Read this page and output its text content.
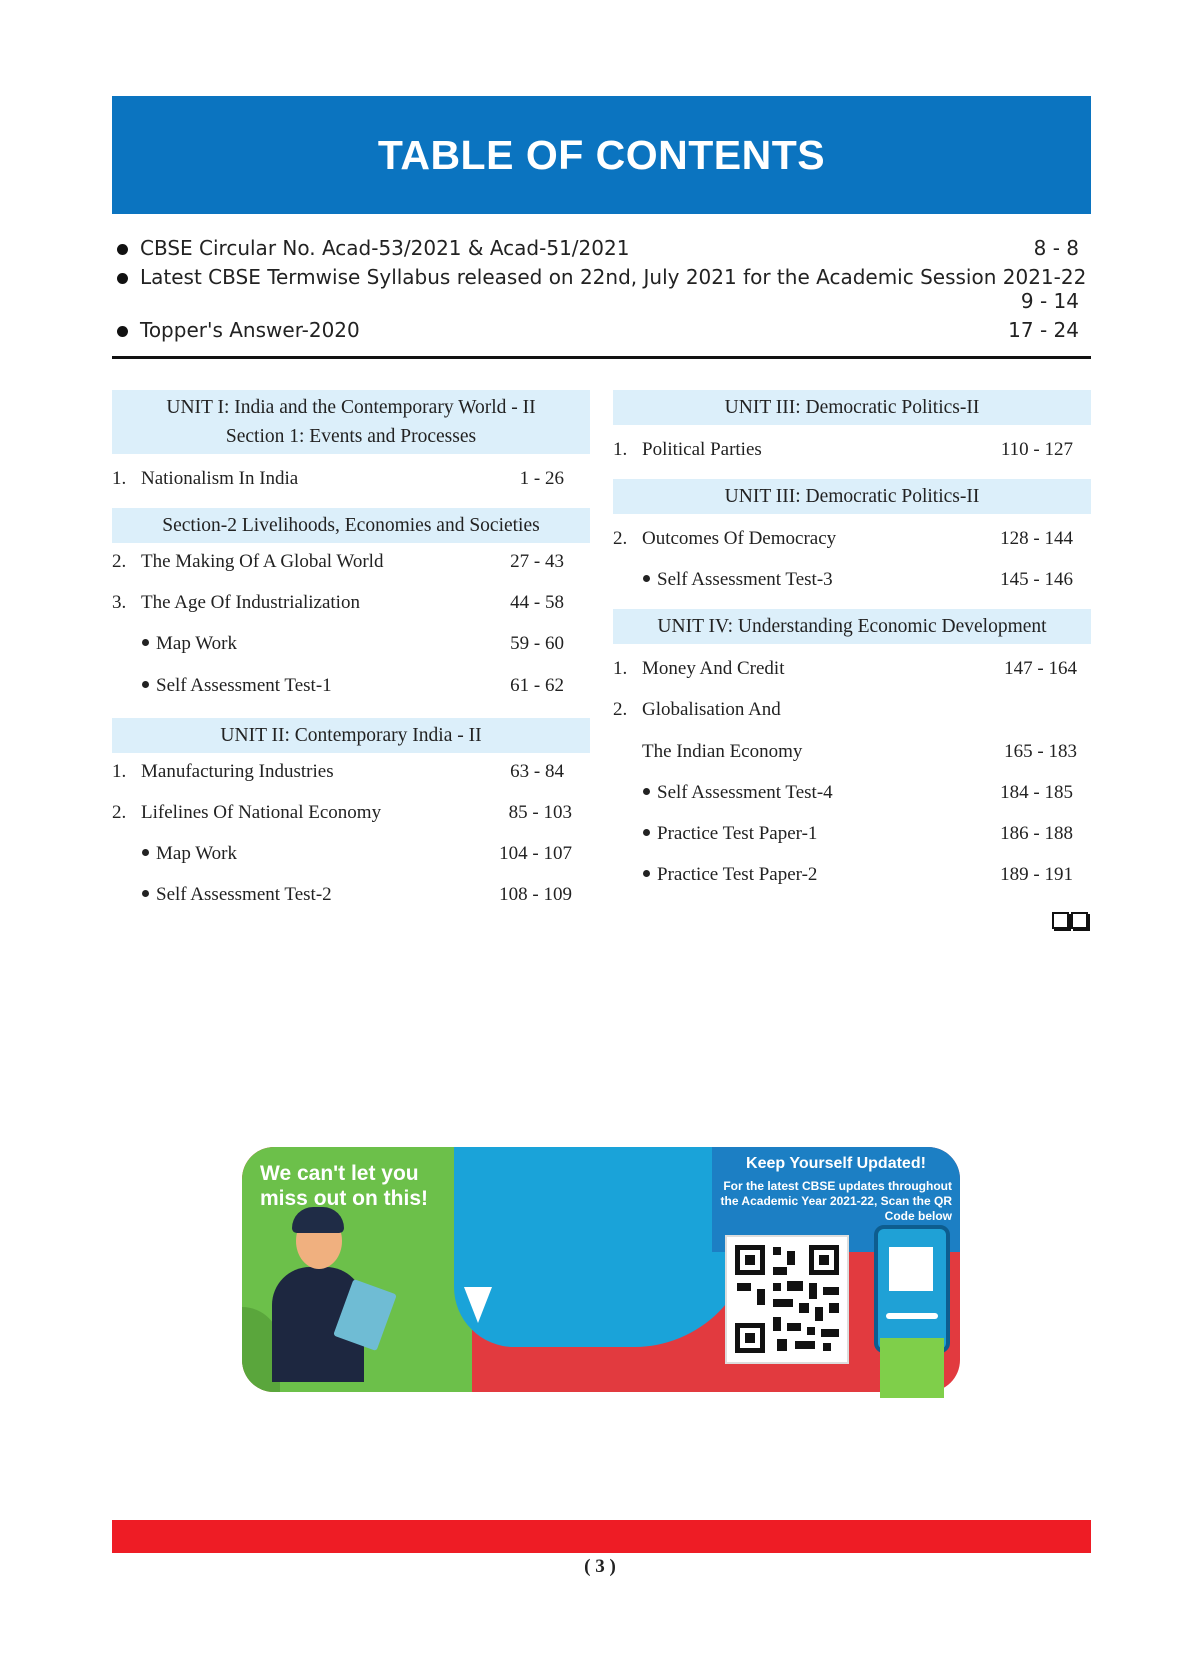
TABLE OF CONTENTS
CBSE Circular No. Acad-53/2021 & Acad-51/2021	8 - 8
Latest CBSE Termwise Syllabus released on 22nd, July 2021 for the Academic Session 2021-22
9 - 14
Topper's Answer-2020	17 - 24
UNIT I: India and the Contemporary World - II
Section 1: Events and Processes
1. Nationalism In India	1 - 26
Section-2 Livelihoods, Economies and Societies
2. The Making Of A Global World	27 - 43
3. The Age Of Industrialization	44 - 58
Map Work	59 - 60
Self Assessment Test-1	61 - 62
UNIT II: Contemporary India - II
1. Manufacturing Industries	63 - 84
2. Lifelines Of National Economy	85 - 103
Map Work	104 - 107
Self Assessment Test-2	108 - 109
UNIT III: Democratic Politics-II
1. Political Parties	110 - 127
UNIT III: Democratic Politics-II
2. Outcomes Of Democracy	128 - 144
Self Assessment Test-3	145 - 146
UNIT IV: Understanding Economic Development
1. Money And Credit	147 - 164
2. Globalisation And
The Indian Economy	165 - 183
Self Assessment Test-4	184 - 185
Practice Test Paper-1	186 - 188
Practice Test Paper-2	189 - 191
We can't let you miss out on this!
Keep Yourself Updated!
For the latest CBSE updates throughout the Academic Year 2021-22, Scan the QR Code below
( 3 )
